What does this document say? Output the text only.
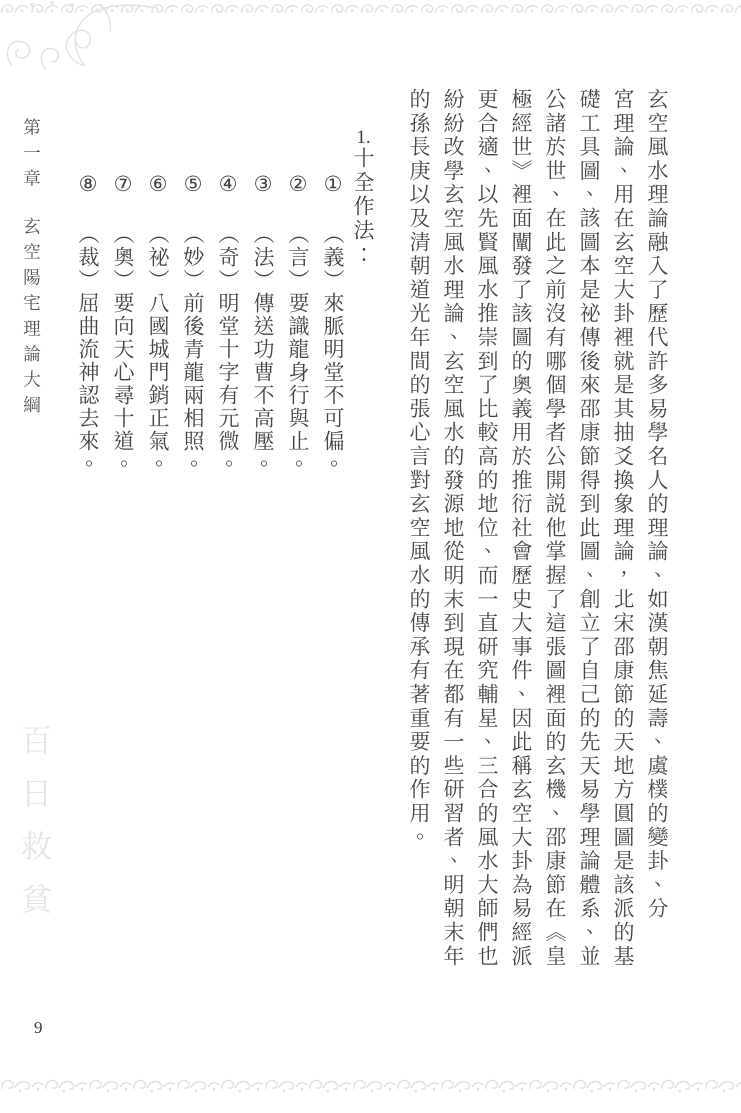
第一章玄空陽宅理論大綱	玄空風水理論融入了歷代許多易學名人的理論、如漢朝焦延壽、虞樸的變卦、分
宮理論、用在玄空大卦裡就是其抽爻換象理論，北宋邵康節的天地方圓圖是該派的基
礎工具圖、該圖本是祕傳後來邵康節得到此圖、創立了自己的先天易學理論體系、並
公諸於世、在此之前沒有哪個學者公開説他掌握了這張圖裡面的玄機、邵康節在《皇
極經世》裡面闡發了該圖的奧義用於推衍社會歷史大事件、因此稱玄空大卦為易經派
更合適、以先賢風水推崇到了比較高的地位、而一直研究輔星、三合的風水大師們也
紛紛改學玄空風水理論、玄空風水的發源地從明末到現在都有一些研習者、明朝末年
的孫長庚以及清朝道光年間的張心言對玄空風水的傳承有著重要的作用。
1.十全作法：
①（義）來脈明堂不可偏。
②（言）要識龍身行與止。
③（法）傳送功曹不高壓。
④（奇）明堂十字有元微。
⑤（妙）前後青龍兩相照。
⑥（祕）八國城門銷正氣。
⑦（奧）要向天心尋十道。
⑧（裁）屈曲流神認去來。
百日救貧
9
